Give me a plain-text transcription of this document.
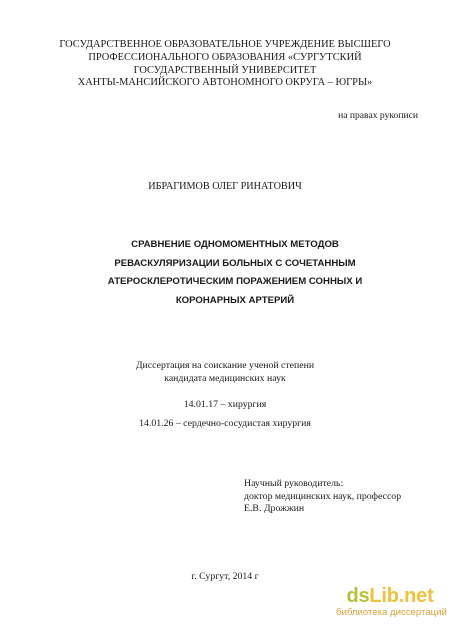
ГОСУДАРСТВЕННОЕ ОБРАЗОВАТЕЛЬНОЕ УЧРЕЖДЕНИЕ ВЫСШЕГО
ПРОФЕССИОНАЛЬНОГО ОБРАЗОВАНИЯ «СУРГУТСКИЙ
ГОСУДАРСТВЕННЫЙ УНИВЕРСИТЕТ
ХАНТЫ-МАНСИЙСКОГО АВТОНОМНОГО ОКРУГА – ЮГРЫ»
на правах рукописи
ИБРАГИМОВ ОЛЕГ РИНАТОВИЧ
СРАВНЕНИЕ ОДНОМОМЕНТНЫХ МЕТОДОВ
РЕВАСКУЛЯРИЗАЦИИ БОЛЬНЫХ С СОЧЕТАННЫМ
АТЕРОСКЛЕРОТИЧЕСКИМ ПОРАЖЕНИЕМ СОННЫХ И
КОРОНАРНЫХ АРТЕРИЙ
Диссертация на соискание ученой степени
кандидата медицинских наук
14.01.17 – хирургия
14.01.26 – сердечно-сосудистая хирургия
Научный руководитель:
доктор медицинских наук, профессор
Е.В. Дрожжин
г. Сургут, 2014 г
dsLib.net
библиотека диссертаций
